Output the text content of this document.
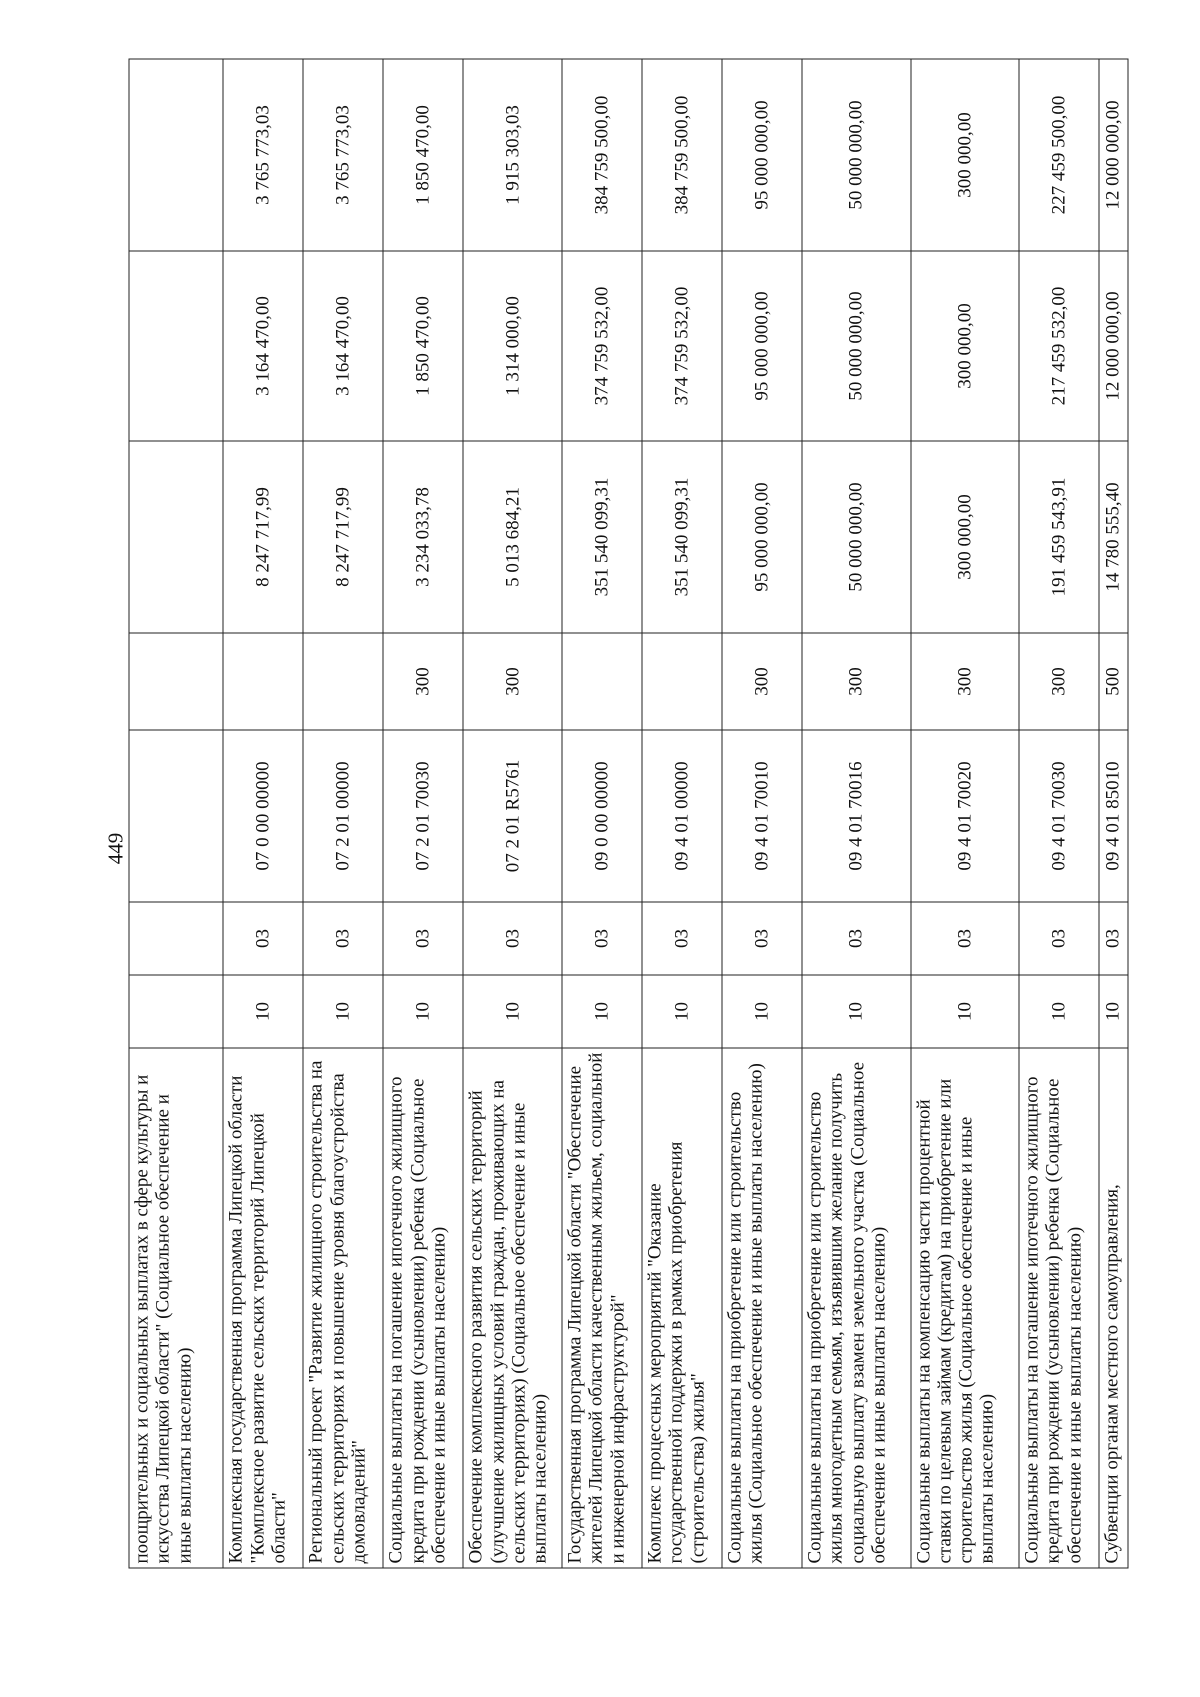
449
поощрительных и социальных выплатах в сфере культуры и искусства Липецкой области" (Социальное обеспечение и иные выплаты населению)							
Комплексная государственная программа Липецкой области "Комплексное развитие сельских территорий Липецкой области"	10	03	07 0 00 00000		8 247 717,99	3 164 470,00	3 765 773,03
Региональный проект "Развитие жилищного строительства на сельских территориях и повышение уровня благоустройства домовладений"	10	03	07 2 01 00000		8 247 717,99	3 164 470,00	3 765 773,03
Социальные выплаты на погашение ипотечного жилищного кредита при рождении (усыновлении) ребенка (Социальное обеспечение и иные выплаты населению)	10	03	07 2 01 70030	300	3 234 033,78	1 850 470,00	1 850 470,00
Обеспечение комплексного развития сельских территорий (улучшение жилищных условий граждан, проживающих на сельских территориях) (Социальное обеспечение и иные выплаты населению)	10	03	07 2 01 R5761	300	5 013 684,21	1 314 000,00	1 915 303,03
Государственная программа Липецкой области "Обеспечение жителей Липецкой области качественным жильем, социальной и инженерной инфраструктурой"	10	03	09 0 00 00000		351 540 099,31	374 759 532,00	384 759 500,00
Комплекс процессных мероприятий "Оказание государственной поддержки в рамках приобретения (строительства) жилья"	10	03	09 4 01 00000		351 540 099,31	374 759 532,00	384 759 500,00
Социальные выплаты на приобретение или строительство жилья (Социальное обеспечение и иные выплаты населению)	10	03	09 4 01 70010	300	95 000 000,00	95 000 000,00	95 000 000,00
Социальные выплаты на приобретение или строительство жилья многодетным семьям, изъявившим желание получить социальную выплату взамен земельного участка (Социальное обеспечение и иные выплаты населению)	10	03	09 4 01 70016	300	50 000 000,00	50 000 000,00	50 000 000,00
Социальные выплаты на компенсацию части процентной ставки по целевым займам (кредитам) на приобретение или строительство жилья (Социальное обеспечение и иные выплаты населению)	10	03	09 4 01 70020	300	300 000,00	300 000,00	300 000,00
Социальные выплаты на погашение ипотечного жилищного кредита при рождении (усыновлении) ребенка (Социальное обеспечение и иные выплаты населению)	10	03	09 4 01 70030	300	191 459 543,91	217 459 532,00	227 459 500,00
Субвенции органам местного самоуправления,	10	03	09 4 01 85010	500	14 780 555,40	12 000 000,00	12 000 000,00
